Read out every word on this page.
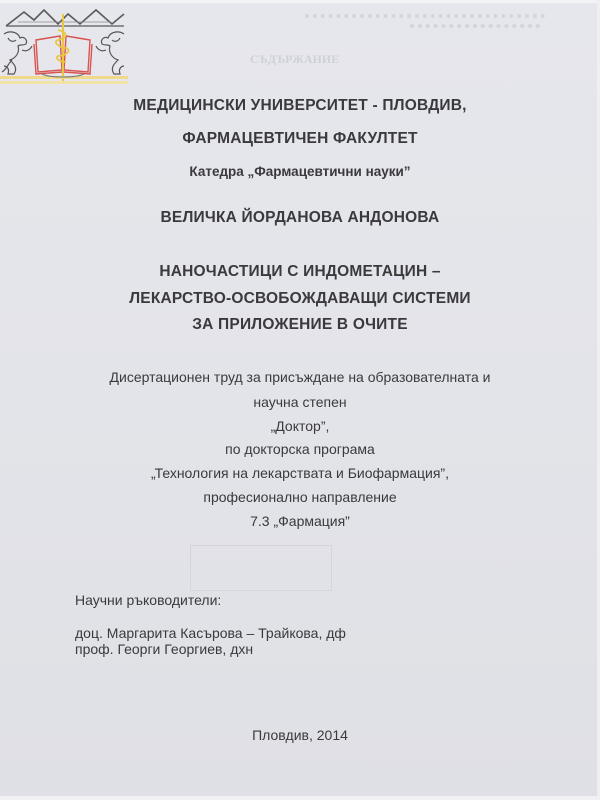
СЪДЪРЖАНИЕ
МЕДИЦИНСКИ УНИВЕРСИТЕТ - ПЛОВДИВ,
ФАРМАЦЕВТИЧЕН ФАКУЛТЕТ
Катедра „Фармацевтични науки”
ВЕЛИЧКА ЙОРДАНОВА АНДОНОВА
НАНОЧАСТИЦИ С ИНДОМЕТАЦИН –
ЛЕКАРСТВО-ОСВОБОЖДАВАЩИ СИСТЕМИ
ЗА ПРИЛОЖЕНИЕ В ОЧИТЕ
Дисертационен труд за присъждане на образователната и
научна степен
„Доктор”,
по докторска програма
„Технология на лекарствата и Биофармация”,
професионално направление
7.3 „Фармация”
Научни ръководители:
доц. Маргарита Касърова – Трайкова, дф
проф. Георги Георгиев, дхн
Пловдив, 2014
